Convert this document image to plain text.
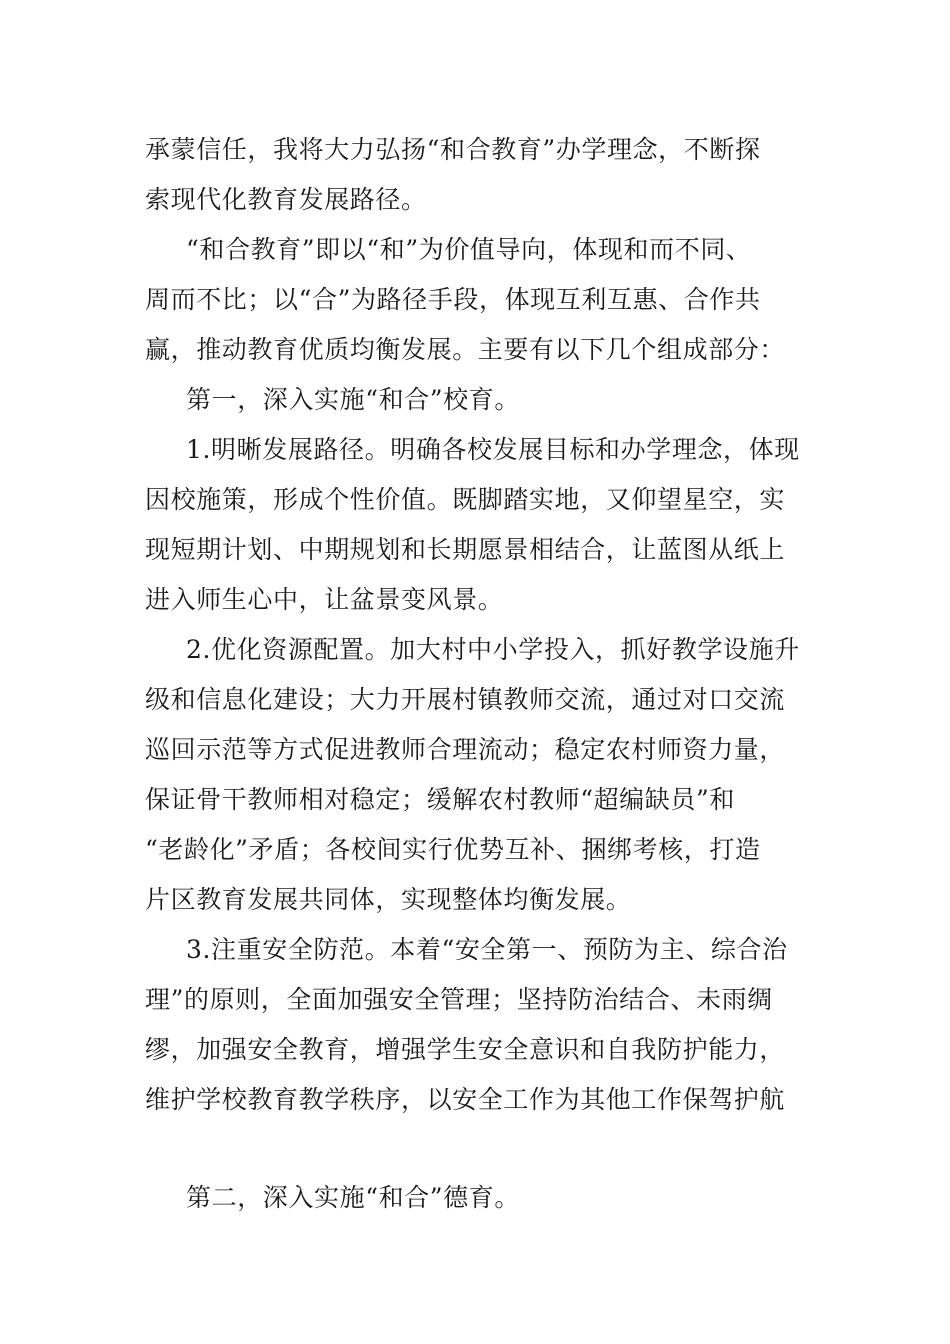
承蒙信任，我将大力弘扬“和合教育”办学理念，不断探
索现代化教育发展路径。
“和合教育”即以“和”为价值导向，体现和而不同、
周而不比；以“合”为路径手段，体现互利互惠、合作共
赢，推动教育优质均衡发展。主要有以下几个组成部分：
第一，深入实施“和合”校育。
1.明晰发展路径。明确各校发展目标和办学理念，体现
因校施策，形成个性价值。既脚踏实地，又仰望星空，实
现短期计划、中期规划和长期愿景相结合，让蓝图从纸上
进入师生心中，让盆景变风景。
2.优化资源配置。加大村中小学投入，抓好教学设施升
级和信息化建设；大力开展村镇教师交流，通过对口交流
巡回示范等方式促进教师合理流动；稳定农村师资力量，
保证骨干教师相对稳定；缓解农村教师“超编缺员”和
“老龄化”矛盾；各校间实行优势互补、捆绑考核，打造
片区教育发展共同体，实现整体均衡发展。
3.注重安全防范。本着“安全第一、预防为主、综合治
理”的原则，全面加强安全管理；坚持防治结合、未雨绸
缪，加强安全教育，增强学生安全意识和自我防护能力，
维护学校教育教学秩序，以安全工作为其他工作保驾护航
第二，深入实施“和合”德育。
